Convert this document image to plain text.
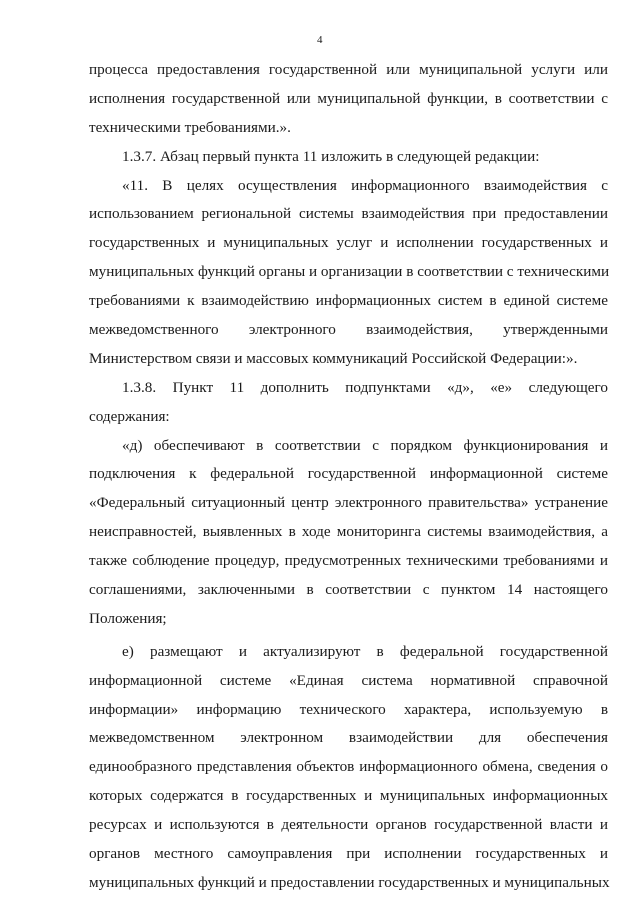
4
процесса предоставления государственной или муниципальной услуги или
исполнения государственной или муниципальной функции, в соответствии с
техническими требованиями.».
1.3.7. Абзац первый пункта 11 изложить в следующей редакции:
«11. В целях осуществления информационного взаимодействия с
использованием региональной системы взаимодействия при предоставлении
государственных и муниципальных услуг и исполнении государственных и
муниципальных функций органы и организации в соответствии с техническими
требованиями к взаимодействию информационных систем в единой системе
межведомственного электронного взаимодействия, утвержденными
Министерством связи и массовых коммуникаций Российской Федерации:».
1.3.8. Пункт 11 дополнить подпунктами «д», «е» следующего
содержания:
«д) обеспечивают в соответствии с порядком функционирования и
подключения к федеральной государственной информационной системе
«Федеральный ситуационный центр электронного правительства» устранение
неисправностей, выявленных в ходе мониторинга системы взаимодействия, а
также соблюдение процедур, предусмотренных техническими требованиями и
соглашениями, заключенными в соответствии с пунктом 14 настоящего
Положения;
е) размещают и актуализируют в федеральной государственной
информационной системе «Единая система нормативной справочной
информации» информацию технического характера, используемую в
межведомственном электронном взаимодействии для обеспечения
единообразного представления объектов информационного обмена, сведения о
которых содержатся в государственных и муниципальных информационных
ресурсах и используются в деятельности органов государственной власти и
органов местного самоуправления при исполнении государственных и
муниципальных функций и предоставлении государственных и муниципальных
